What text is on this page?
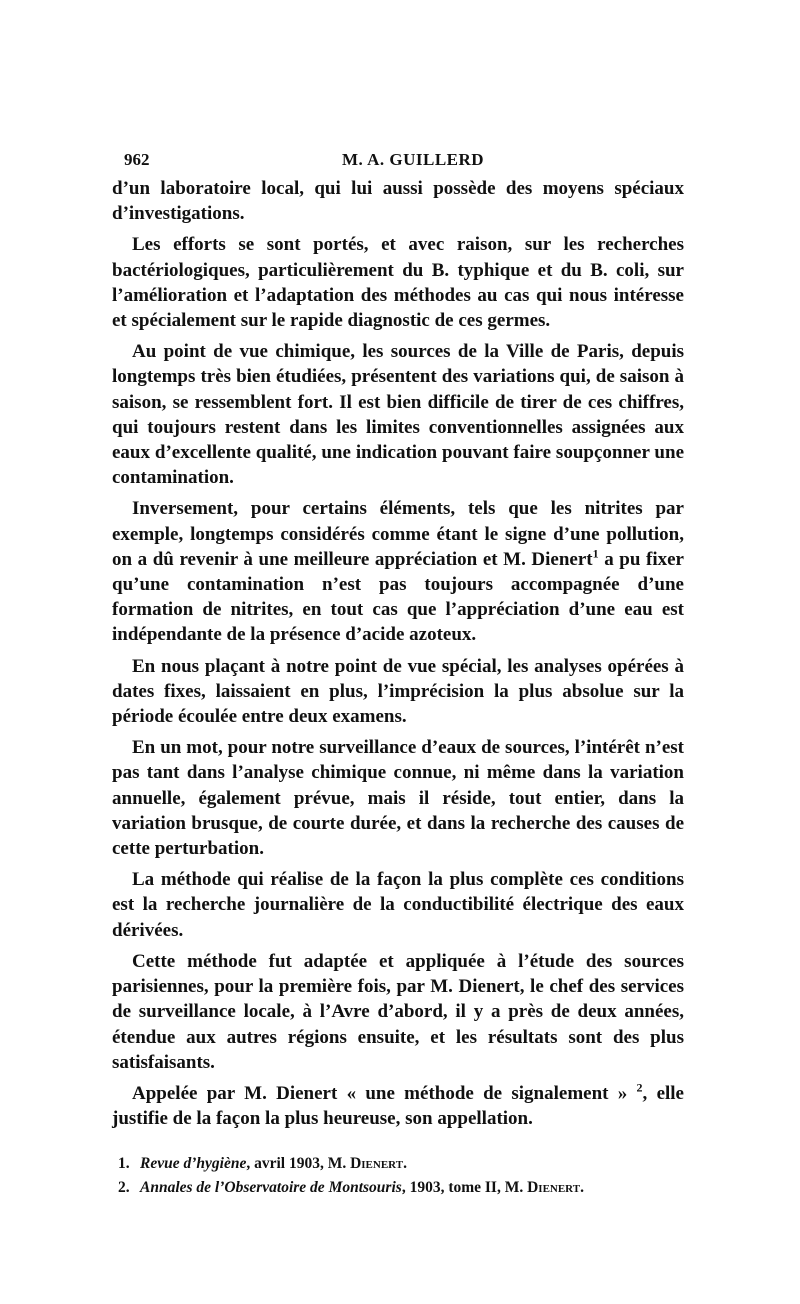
962	M. A. GUILLERD

d’un laboratoire local, qui lui aussi possède des moyens spéciaux d’investigations.

Les efforts se sont portés, et avec raison, sur les recherches bactériologiques, particulièrement du B. typhique et du B. coli, sur l’amélioration et l’adaptation des méthodes au cas qui nous intéresse et spécialement sur le rapide diagnostic de ces germes.

Au point de vue chimique, les sources de la Ville de Paris, depuis longtemps très bien étudiées, présentent des variations qui, de saison à saison, se ressemblent fort. Il est bien difficile de tirer de ces chiffres, qui toujours restent dans les limites conventionnelles assignées aux eaux d’excellente qualité, une indication pouvant faire soupçonner une contamination.

Inversement, pour certains éléments, tels que les nitrites par exemple, longtemps considérés comme étant le signe d’une pollution, on a dû revenir à une meilleure appréciation et M. Dienert$^1$ a pu fixer qu’une contamination n’est pas toujours accompagnée d’une formation de nitrites, en tout cas que l’appréciation d’une eau est indépendante de la présence d’acide azoteux.

En nous plaçant à notre point de vue spécial, les analyses opérées à dates fixes, laissaient en plus, l’imprécision la plus absolue sur la période écoulée entre deux examens.

En un mot, pour notre surveillance d’eaux de sources, l’intérêt n’est pas tant dans l’analyse chimique connue, ni même dans la variation annuelle, également prévue, mais il réside, tout entier, dans la variation brusque, de courte durée, et dans la recherche des causes de cette perturbation.

La méthode qui réalise de la façon la plus complète ces conditions est la recherche journalière de la conductibilité électrique des eaux dérivées.

Cette méthode fut adaptée et appliquée à l’étude des sources parisiennes, pour la première fois, par M. Dienert, le chef des services de surveillance locale, à l’Avre d’abord, il y a près de deux années, étendue aux autres régions ensuite, et les résultats sont des plus satisfaisants.

Appelée par M. Dienert « une méthode de signalement » $^2$, elle justifie de la façon la plus heureuse, son appellation.

1. Revue d’hygiène, avril 1903, M. Dienert.
2. Annales de l’Observatoire de Montsouris, 1903, tome II, M. Dienert.
